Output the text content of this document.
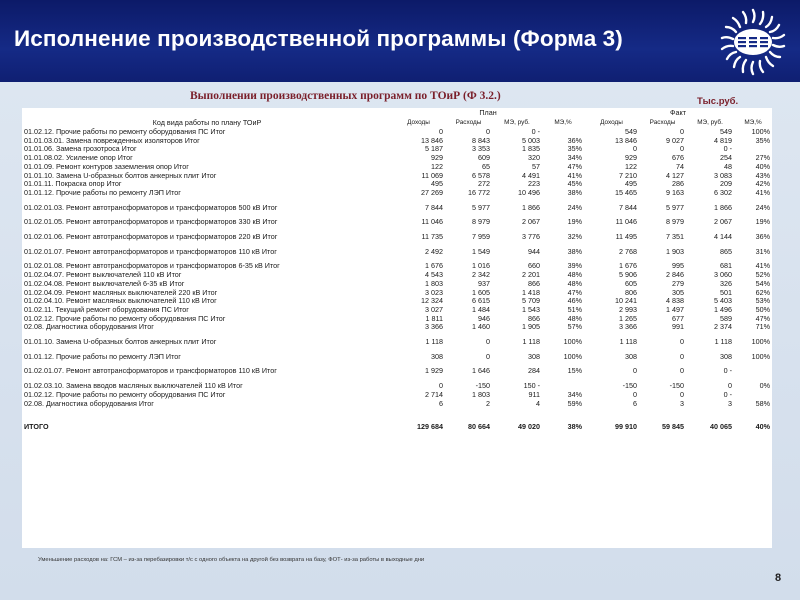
Исполнение производственной программы (Форма 3)
Выполнении производственных программ по ТОиР (Ф 3.2.)	Тыс.руб.
	План				Факт			
Код вида работы по плану ТОиР	Доходы	Расходы	МЭ, руб.	МЭ,%	Доходы	Расходы	МЭ, руб.	МЭ,%
01.02.12. Прочие работы по ремонту оборудования ПС Итог	0	0	0 -		549	0	549	100%
01.01.03.01. Замена поврежденных изоляторов Итог	13 846	8 843	5 003	36%	13 846	9 027	4 819	35%
01.01.06. Замена грозотроса Итог	5 187	3 353	1 835	35%	0	0	0 -	
01.01.08.02. Усиление опор Итог	929	609	320	34%	929	676	254	27%
01.01.09. Ремонт контуров заземления опор Итог	122	65	57	47%	122	74	48	40%
01.01.10. Замена U-образных болтов анкерных плит Итог	11 069	6 578	4 491	41%	7 210	4 127	3 083	43%
01.01.11. Покраска опор Итог	495	272	223	45%	495	286	209	42%
01.01.12. Прочие работы по ремонту ЛЭП Итог	27 269	16 772	10 496	38%	15 465	9 163	6 302	41%

01.02.01.03. Ремонт автотрансформаторов и трансформаторов 500 кВ Итог	7 844	5 977	1 866	24%	7 844	5 977	1 866	24%

01.02.01.05. Ремонт автотрансформаторов и трансформаторов 330 кВ Итог	11 046	8 979	2 067	19%	11 046	8 979	2 067	19%

01.02.01.06. Ремонт автотрансформаторов и трансформаторов 220 кВ Итог	11 735	7 959	3 776	32%	11 495	7 351	4 144	36%

01.02.01.07. Ремонт автотрансформаторов и трансформаторов 110 кВ Итог	2 492	1 549	944	38%	2 768	1 903	865	31%

01.02.01.08. Ремонт автотрансформаторов и трансформаторов 6-35 кВ Итог	1 676	1 016	660	39%	1 676	995	681	41%
01.02.04.07. Ремонт выключателей 110 кВ Итог	4 543	2 342	2 201	48%	5 906	2 846	3 060	52%
01.02.04.08. Ремонт выключателей 6-35 кВ Итог	1 803	937	866	48%	605	279	326	54%
01.02.04.09. Ремонт масляных выключателей 220 кВ Итог	3 023	1 605	1 418	47%	806	305	501	62%
01.02.04.10. Ремонт масляных выключателей 110 кВ Итог	12 324	6 615	5 709	46%	10 241	4 838	5 403	53%
01.02.11. Текущий ремонт оборудования ПС Итог	3 027	1 484	1 543	51%	2 993	1 497	1 496	50%
01.02.12. Прочие работы по ремонту оборудования ПС Итог	1 811	946	866	48%	1 265	677	589	47%
02.08. Диагностика оборудования Итог	3 366	1 460	1 905	57%	3 366	991	2 374	71%

01.01.10. Замена U-образных болтов анкерных плит Итог	1 118	0	1 118	100%	1 118	0	1 118	100%

01.01.12. Прочие работы по ремонту ЛЭП Итог	308	0	308	100%	308	0	308	100%

01.02.01.07. Ремонт автотрансформаторов и трансформаторов 110 кВ Итог	1 929	1 646	284	15%	0	0	0 -	

01.02.03.10. Замена вводов масляных выключателей 110 кВ Итог	0	-150	150 -		-150	-150	0	0%
01.02.12. Прочие работы по ремонту оборудования ПС Итог	2 714	1 803	911	34%	0	0	0 -	
02.08. Диагностика оборудования Итог	6	2	4	59%	6	3	3	58%

ИТОГО	129 684	80 664	49 020	38%	99 910	59 845	40 065	40%
Уменьшение расходов на: ГСМ – из-за перебазировки т/с с одного объекта на другой без возврата на базу, ФОТ- из-за работы в выходные дни
8
